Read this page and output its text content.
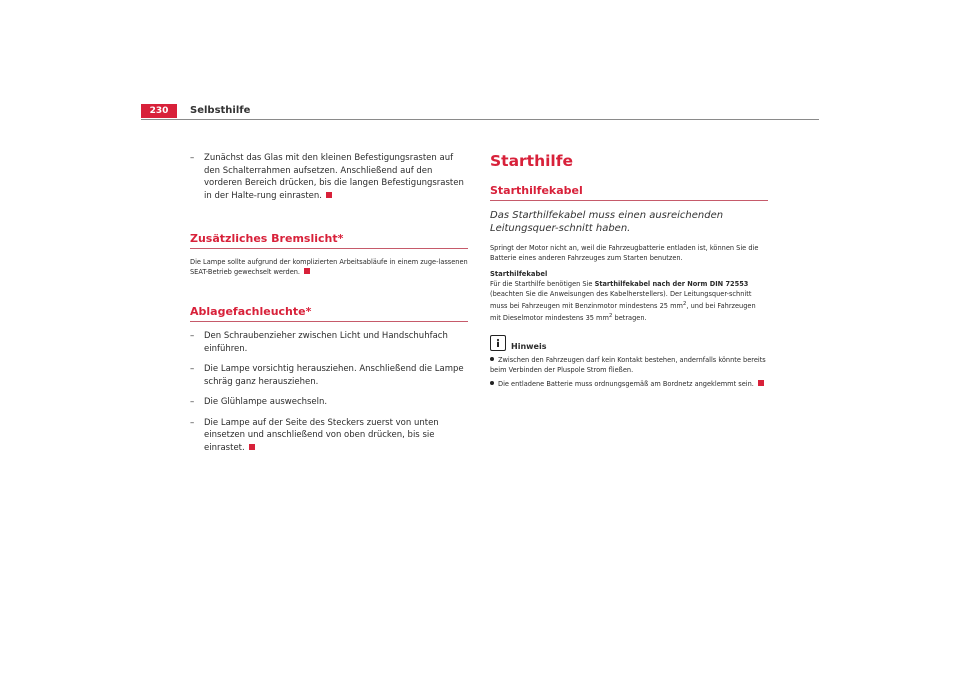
230	Selbsthilfe
– Zunächst das Glas mit den kleinen Befestigungsrasten auf den Schalterrahmen aufsetzen. Anschließend auf den vorderen Bereich drücken, bis die langen Befestigungsrasten in der Halte-rung einrasten.
Zusätzliches Bremslicht*
Die Lampe sollte aufgrund der komplizierten Arbeitsabläufe in einem zuge-lassenen SEAT-Betrieb gewechselt werden.
Ablagefachleuchte*
– Den Schraubenzieher zwischen Licht und Handschuhfach einführen.
– Die Lampe vorsichtig herausziehen. Anschließend die Lampe schräg ganz herausziehen.
– Die Glühlampe auswechseln.
– Die Lampe auf der Seite des Steckers zuerst von unten einsetzen und anschließend von oben drücken, bis sie einrastet.
Starthilfe
Starthilfekabel
Das Starthilfekabel muss einen ausreichenden Leitungsquer-schnitt haben.
Springt der Motor nicht an, weil die Fahrzeugbatterie entladen ist, können Sie die Batterie eines anderen Fahrzeuges zum Starten benutzen.
Starthilfekabel
Für die Starthilfe benötigen Sie Starthilfekabel nach der Norm DIN 72553 (beachten Sie die Anweisungen des Kabelherstellers). Der Leitungsquer-schnitt muss bei Fahrzeugen mit Benzinmotor mindestens 25 $mm^2$, und bei Fahrzeugen mit Dieselmotor mindestens 35 $mm^2$ betragen.
Hinweis
Zwischen den Fahrzeugen darf kein Kontakt bestehen, andernfalls könnte bereits beim Verbinden der Pluspole Strom fließen.
Die entladene Batterie muss ordnungsgemäß am Bordnetz angeklemmt sein.
